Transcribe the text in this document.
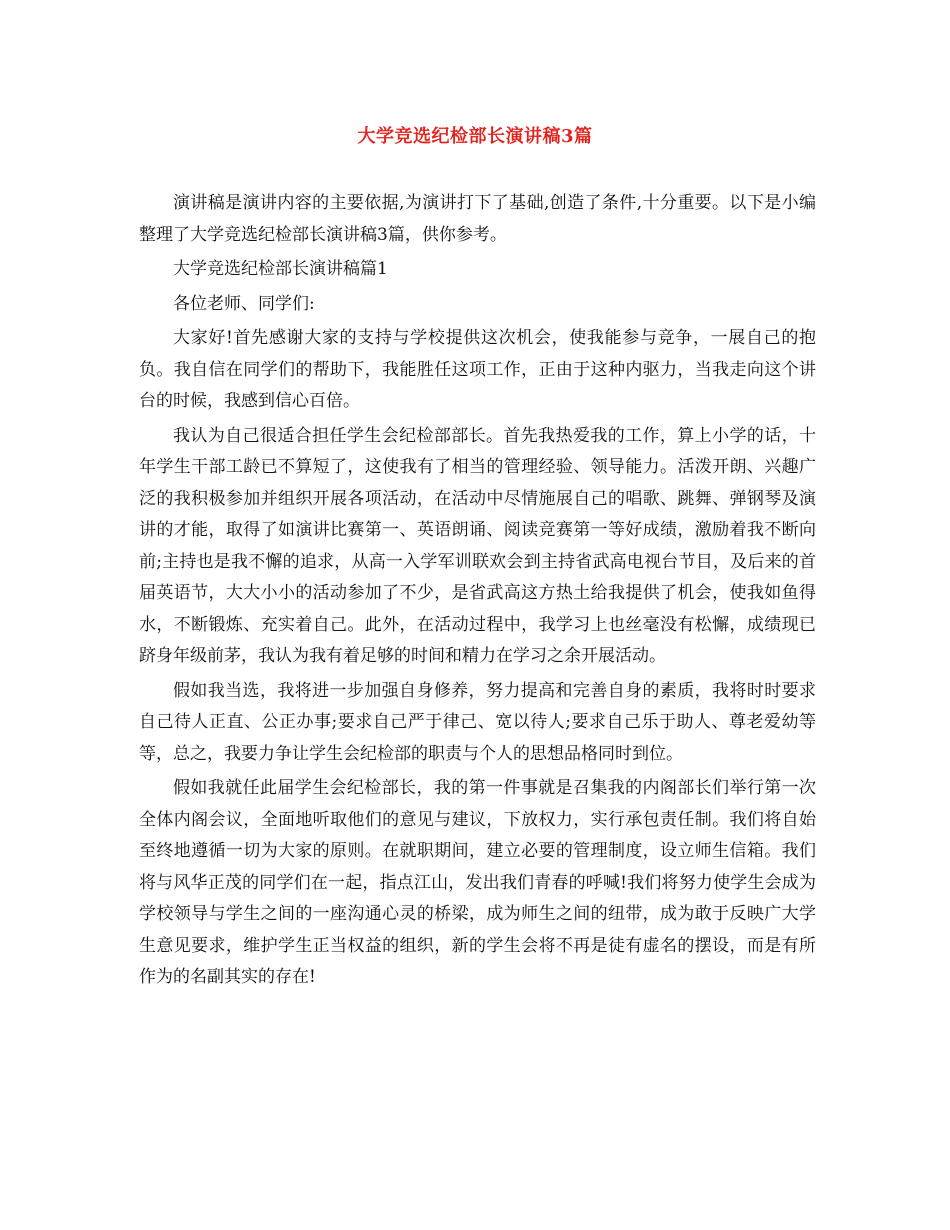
大学竞选纪检部长演讲稿3篇

演讲稿是演讲内容的主要依据,为演讲打下了基础,创造了条件,十分重要。以下是小编整理了大学竞选纪检部长演讲稿3篇，供你参考。

大学竞选纪检部长演讲稿篇1

各位老师、同学们:

大家好!首先感谢大家的支持与学校提供这次机会，使我能参与竞争，一展自己的抱负。我自信在同学们的帮助下，我能胜任这项工作，正由于这种内驱力，当我走向这个讲台的时候，我感到信心百倍。

我认为自己很适合担任学生会纪检部部长。首先我热爱我的工作，算上小学的话，十年学生干部工龄已不算短了，这使我有了相当的管理经验、领导能力。活泼开朗、兴趣广泛的我积极参加并组织开展各项活动，在活动中尽情施展自己的唱歌、跳舞、弹钢琴及演讲的才能，取得了如演讲比赛第一、英语朗诵、阅读竞赛第一等好成绩，激励着我不断向前;主持也是我不懈的追求，从高一入学军训联欢会到主持省武高电视台节目，及后来的首届英语节，大大小小的活动参加了不少，是省武高这方热土给我提供了机会，使我如鱼得水，不断锻炼、充实着自己。此外，在活动过程中，我学习上也丝毫没有松懈，成绩现已跻身年级前茅，我认为我有着足够的时间和精力在学习之余开展活动。

假如我当选，我将进一步加强自身修养，努力提高和完善自身的素质，我将时时要求自己待人正直、公正办事;要求自己严于律己、宽以待人;要求自己乐于助人、尊老爱幼等等，总之，我要力争让学生会纪检部的职责与个人的思想品格同时到位。

假如我就任此届学生会纪检部长，我的第一件事就是召集我的内阁部长们举行第一次全体内阁会议，全面地听取他们的意见与建议，下放权力，实行承包责任制。我们将自始至终地遵循一切为大家的原则。在就职期间，建立必要的管理制度，设立师生信箱。我们将与风华正茂的同学们在一起，指点江山，发出我们青春的呼喊!我们将努力使学生会成为学校领导与学生之间的一座沟通心灵的桥梁，成为师生之间的纽带，成为敢于反映广大学生意见要求，维护学生正当权益的组织，新的学生会将不再是徒有虚名的摆设，而是有所作为的名副其实的存在!
